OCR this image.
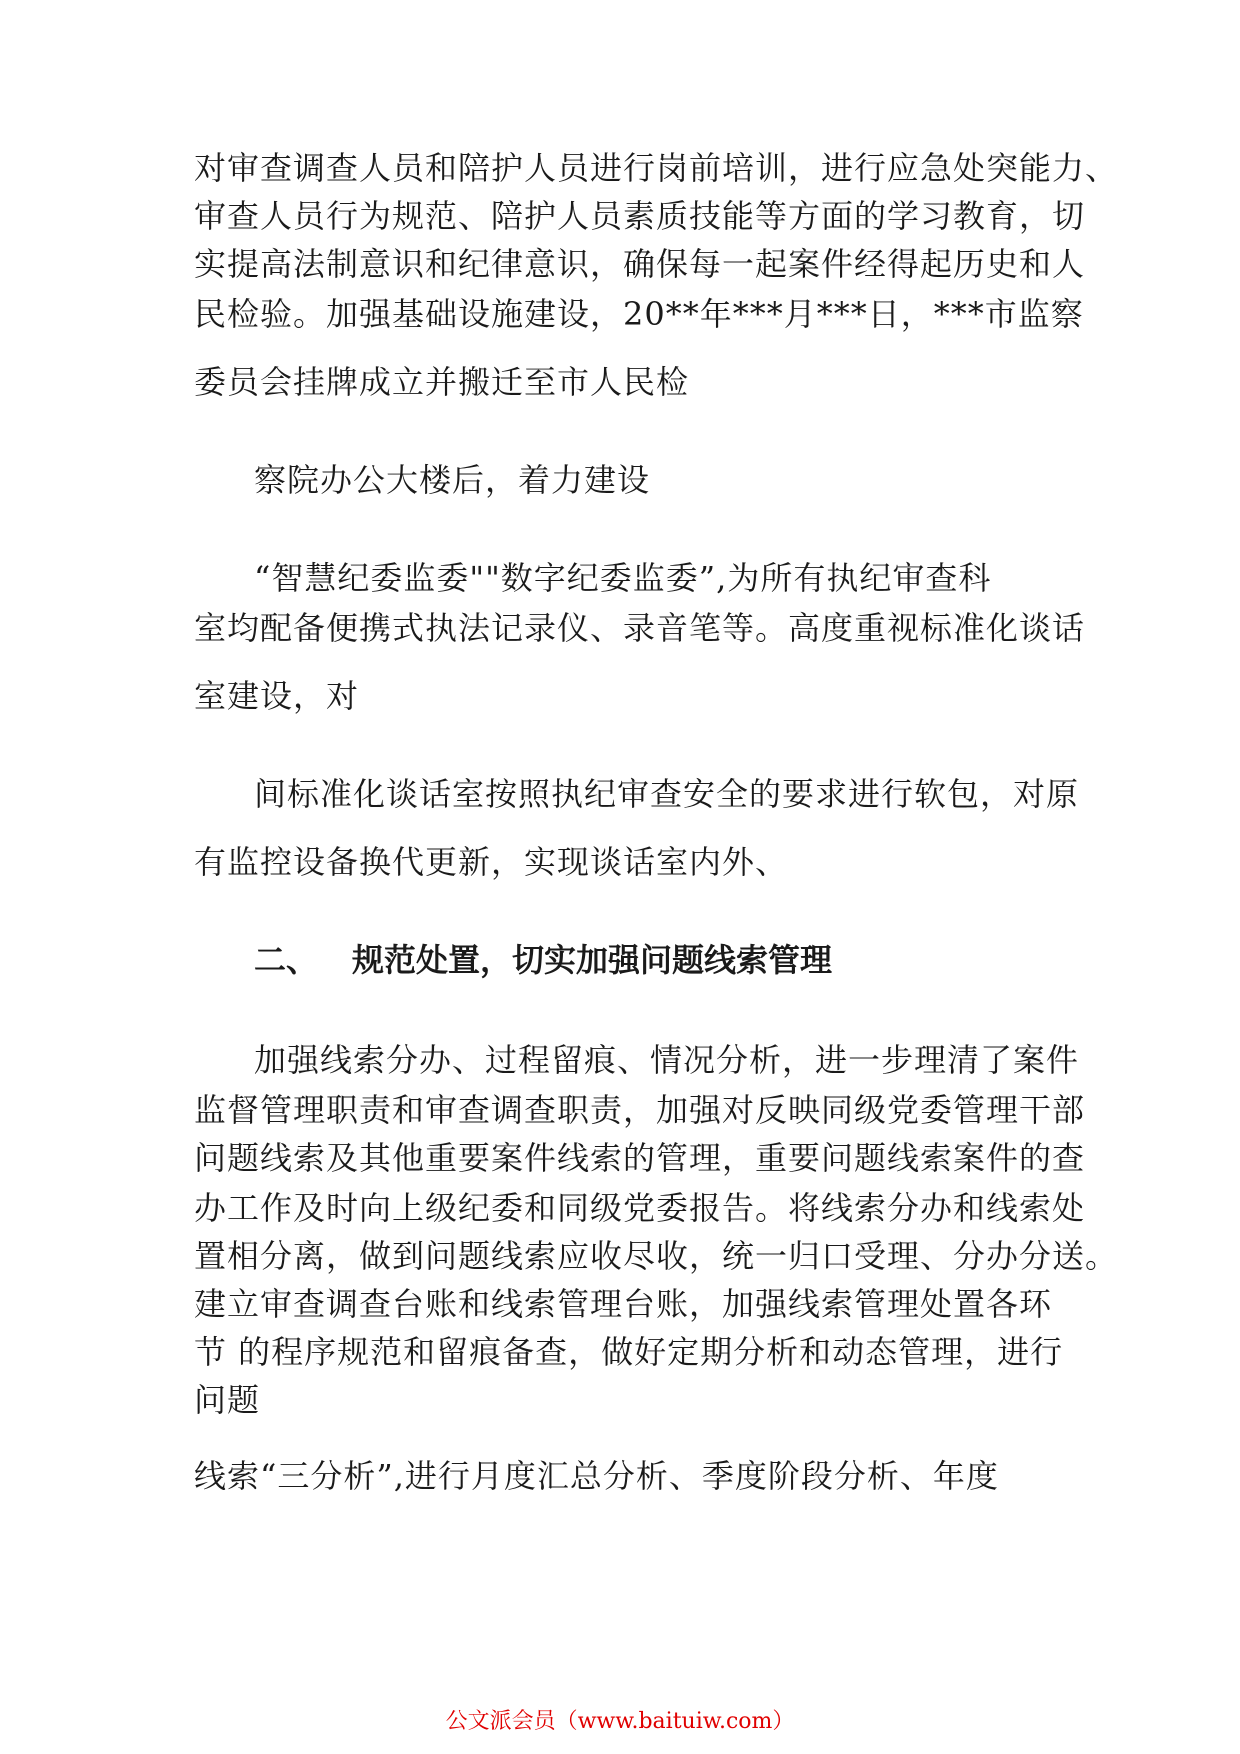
对审查调查人员和陪护人员进行岗前培训，进行应急处突能力、
审查人员行为规范、陪护人员素质技能等方面的学习教育，切
实提高法制意识和纪律意识，确保每一起案件经得起历史和人
民检验。加强基础设施建设，20**年***月***日，***市监察
委员会挂牌成立并搬迁至市人民检
察院办公大楼后，着力建设
“智慧纪委监委""数字纪委监委”,为所有执纪审查科
室均配备便携式执法记录仪、录音笔等。高度重视标准化谈话
室建设，对
间标准化谈话室按照执纪审查安全的要求进行软包，对原
有监控设备换代更新，实现谈话室内外、
二、 规范处置，切实加强问题线索管理
加强线索分办、过程留痕、情况分析，进一步理清了案件
监督管理职责和审查调查职责，加强对反映同级党委管理干部
问题线索及其他重要案件线索的管理，重要问题线索案件的查
办工作及时向上级纪委和同级党委报告。将线索分办和线索处
置相分离，做到问题线索应收尽收，统一归口受理、分办分送。
建立审查调查台账和线索管理台账，加强线索管理处置各环
节 的程序规范和留痕备查，做好定期分析和动态管理，进行
问题
线索“三分析”,进行月度汇总分析、季度阶段分析、年度
公文派会员（www.baituiw.com）
